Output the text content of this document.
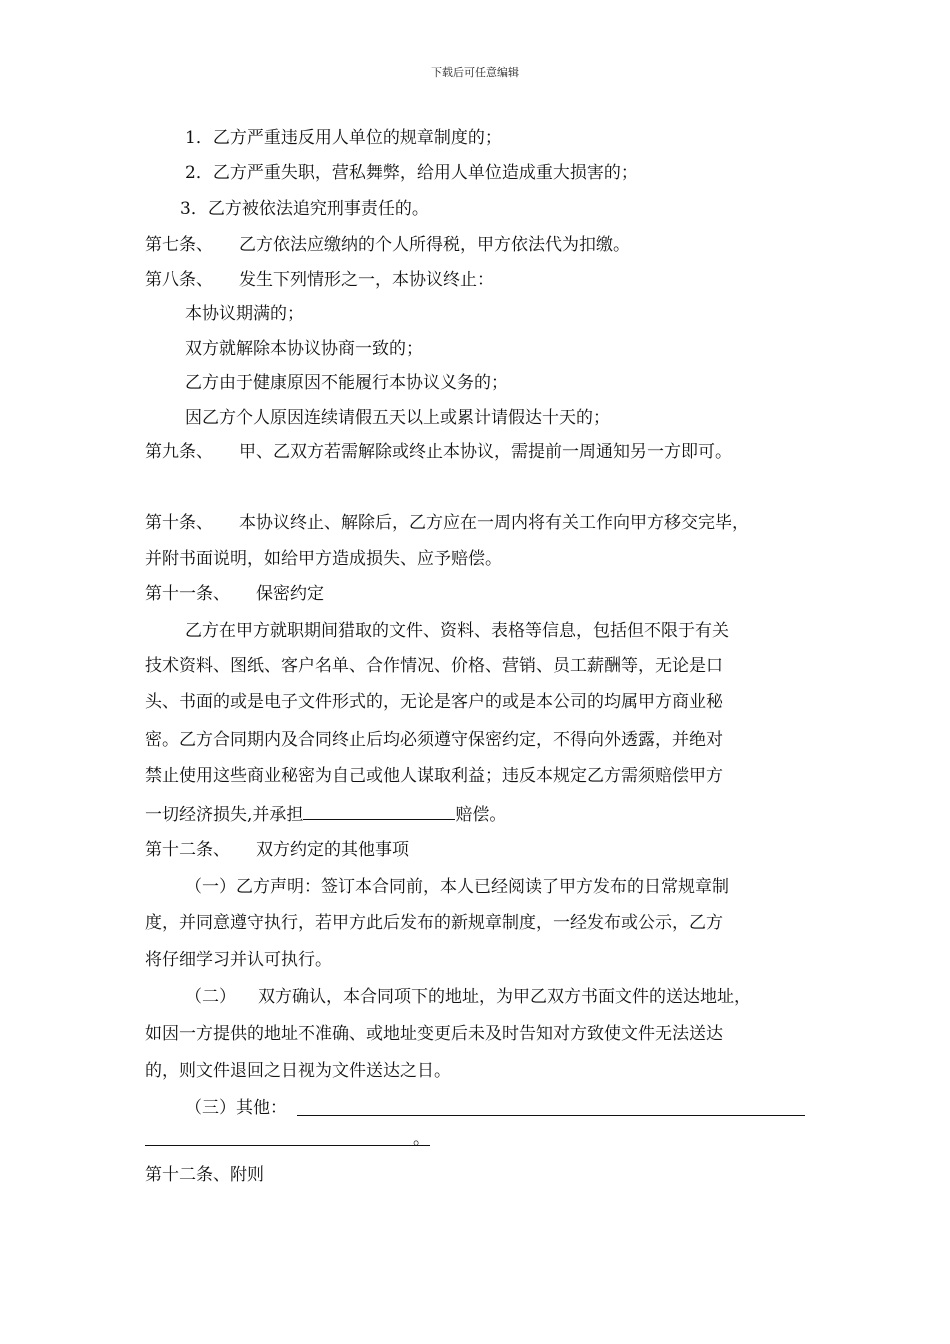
下载后可任意编辑
1．乙方严重违反用人单位的规章制度的；
2．乙方严重失职，营私舞弊，给用人单位造成重大损害的；
3．乙方被依法追究刑事责任的。
第七条、 乙方依法应缴纳的个人所得税，甲方依法代为扣缴。
第八条、 发生下列情形之一，本协议终止：
本协议期满的；
双方就解除本协议协商一致的；
乙方由于健康原因不能履行本协议义务的；
因乙方个人原因连续请假五天以上或累计请假达十天的；
第九条、 甲、乙双方若需解除或终止本协议，需提前一周通知另一方即可。
第十条、 本协议终止、解除后，乙方应在一周内将有关工作向甲方移交完毕，
并附书面说明，如给甲方造成损失、应予赔偿。
第十一条、 保密约定
乙方在甲方就职期间猎取的文件、资料、表格等信息，包括但不限于有关
技术资料、图纸、客户名单、合作情况、价格、营销、员工薪酬等，无论是口
头、书面的或是电子文件形式的，无论是客户的或是本公司的均属甲方商业秘
密。乙方合同期内及合同终止后均必须遵守保密约定，不得向外透露，并绝对
禁止使用这些商业秘密为自己或他人谋取利益；违反本规定乙方需须赔偿甲方
一切经济损失,并承担	赔偿。
第十二条、 双方约定的其他事项
（一）乙方声明：签订本合同前，本人已经阅读了甲方发布的日常规章制
度，并同意遵守执行，若甲方此后发布的新规章制度，一经发布或公示，乙方
将仔细学习并认可执行。
（二） 双方确认，本合同项下的地址，为甲乙双方书面文件的送达地址，
如因一方提供的地址不准确、或地址变更后未及时告知对方致使文件无法送达
的，则文件退回之日视为文件送达之日。
（三）其他：
。
第十二条、附则
